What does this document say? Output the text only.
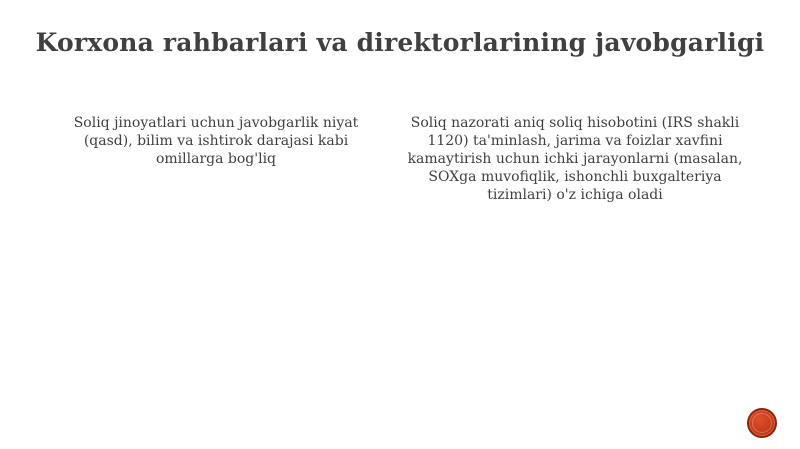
Korxona rahbarlari va direktorlarining javobgarligi

Soliq jinoyatlari uchun javobgarlik niyat (qasd), bilim va ishtirok darajasi kabi omillarga bog'liq

Soliq nazorati aniq soliq hisobotini (IRS shakli 1120) ta'minlash, jarima va foizlar xavfini kamaytirish uchun ichki jarayonlarni (masalan, SOXga muvofiqlik, ishonchli buxgalteriya tizimlari) o'z ichiga oladi
